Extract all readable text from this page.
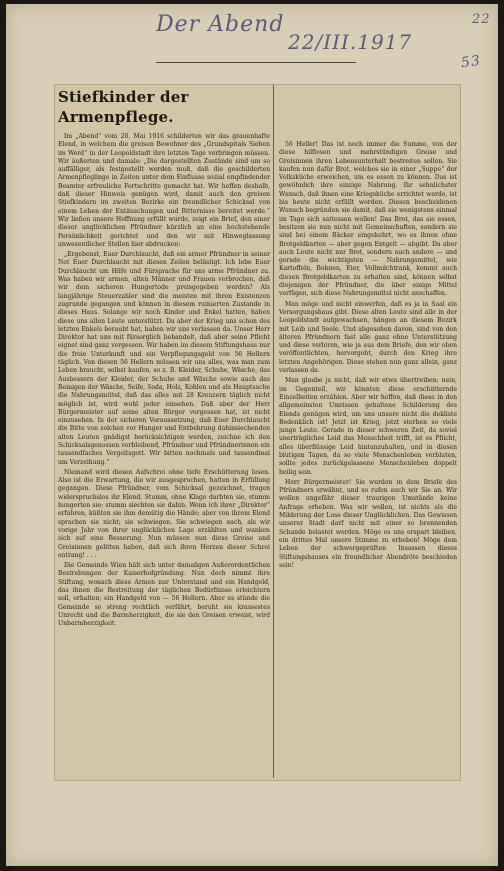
Der Abend
22/III.1917
53
22
Stiefkinder der Armenpflege.

Im „Abend“ vom 20. Mai 1916 schilderten wir das grauenhafte Elend, in welchem die greisen Bewohner des „Grundspitals Sieben im Werd“ in der Leopoldstadt ihre letzten Tage verbringen müssen. Wir äußerten und damals: „Die dargestellten Zustände sind um so auffälliger, als festgestellt werden muß, daß die geschilderten Armenpfleglinge in Zeiten unter dem Einflusse sozial empfindender Beamter erfreuliche Fortschritte gemacht hat. Wir hoffen deshalb, daß dieser Hinweis genügen wird, damit auch den greisen Stiefkindern im zweiten Bezirke ein freundlicher Schicksal von einem Leben der Entäuschungen und Bitternisse bereitet werde.“ Wir ließen unsere Hoffnung erfüllt wurde, zeigt ein Brief, den einer dieser unglücklichen Pfründner kürzlich an eine hochstehende Persönlichkeit gerichtet und den wir mit Hinweglassung unwesentlicher Stellen hier abdrucken:

„Ergebenst, Euer Durchlaucht, daß ein armer Pfründner in seiner Not Euer Durchlaucht mit diesen Zeilen belästigt. Ich lebe Euer Durchlaucht um Hilfe und Fürsprache für uns arme Pfründner zu. Was haben wir armen, alten Männer und Frauen verbrochen, daß wir dem sicheren Hungertode preisgegeben werden? Als langjährige Steuerzahler sind die meisten mit ihren Existenzen zugrunde gegangen und können in diesem ruinierten Zustande in dieses Haus. Solange wir noch Kinder und Enkel hatten, haben diese uns allen Leute unterstützt. Da aber der Krieg uns schon des letzten Enkels beraubt hat, haben wir uns verlassen da. Unser Herr Direktor hat uns mit fürsorglich behandelt, daß aber seine Pflicht eignet sind ganz vergessen. Wir haben im diesem Stiftungshaus nur die freie Unterkunft und ein Verpflegungsgeld von 56 Hellern täglich. Von diesen 56 Hellern müssen wir uns alles, was man zum Leben braucht, selbst kaufen, so z. B. Kleider, Schuhe, Wäsche, das Ausbessern der Kleider, der Schuhe und Wäsche sowie auch das Reinigen der Wäsche, Seife, Soda, Holz, Kohlen und als Hauptsache die Nahrungsmittel, daß das alles mit 28 Kreuzern täglich nicht möglich ist, wird wohl jeder einsehen. Daß aber der Herr Bürgermeister auf seine alten Bürger vergessen hat, ist nicht einzusehen. In der sicheren Voraussetzung, daß Euer Durchlaucht die Bitte von solchen vor Hunger und Entbehrung dahinsiechenden alten Leuten gnädigst berücksichtigen werden, zeichne ich den Schicksalsgenossen verbleibend, Pfründner und Pfründnerinnen ein tausendfaches Vergeltsgott. Wir bitten nochmals und tausendmal um Verzeihung.“

Niemand wird diesen Aufschrei ohne tiefe Erschütterung lesen. Also ist die Erwartung, die wir ausgesprochen, hatten in Erfüllung gegangen. Diese Pfründner, vom Schicksal gezeichnet, tragen widerspruchslos ihr Elend. Stumm, ohne Klage darbten sie, stumm hungerten sie; stumm siechten sie dahin. Wenn ich ihrer „Direktor“ erfahren, küßten sie ihm demütig die Hände; aber von ihrem Elend sprachen sie nicht; sie schwiegen. Sie schwiegen auch, als wir vorige Jahr von ihrer unglücklichen Lage erzählten und wanken sich auf eine Besserung. Nun müssen nun diese Greise und Greisinnen gelitten haben, daß sich ihren Herzen dieser Schrei entrang! . . .

Die Gemeinde Wien hält sich unter damaligen Außerordentlichen Bestrebungen der Kaiserhofgründung. Nun doch nimmt ihre Stiftung, wonach diese Armen nur Unterstand und ein Handgeld, das ihnen die Bestreitung der täglichen Bedürfnisse erleichtern soll, erhalten; ein Handgeld von — 56 Hellern. Aber es stünde die Gemeinde so streng rechtlich verfährt, beruht sie krassestes Unrecht und die Barmherzigkeit, die sie den Greisen erweist, wird Unbarmherzigkeit.

56 Heller! Das ist noch immer die Summe, von der diese hilflosen und mehrstündigen Greise und Greisinnen ihren Lebensunterhalt bestreiten sollen. Sie kaufen nun dafür Brot, welches sie in einer „Suppe“ der Volksküche erweichen, um es essen zu können. Das ist gewöhnlich ihre einzige Nahrung. Ihr sehnlichster Wunsch, daß ihnen eine Kriegsküche errichtet werde, ist bis heute nicht erfüllt worden. Diesen bescheidenen Wunsch begründen sie damit, daß sie wenigstens einmal im Tage sich sattessen wollen! Das Brot, das sie essen, besitzen sie nun nicht mit Gemeinschaften, sondern sie sind bei einem Bäcker eingekehrt, wo es ihnen ohne Brotgeldkarten — aber gegen Entgelt — abgibt. Da aber auch Leute nicht nur Brot, sondern auch andere — und gerade die wichtigsten — Nahrungsmittel, wie Kartoffeln, Bohnen, Eier, Vollmilchtrank, kommt auch diesen Brotgeldkarten zu erhalten sind, können selbst diejenigen der Pfründner, die über einige Mittel verfügen, sich diese Nahrungsmittel nicht anschaffen.

Man möge und nicht einwerfen, daß es ja in Saal ein Versorgungshaus gibt. Diese alten Leute sind alle in der Leopoldstadt aufgewachsen, hängen an diesem Bezirk mit Leib und Seele. Und abgesehen davon, sind von den älteren Pfründnern fast alle ganz ohne Unterstützung und diese verloren, wie ja aus dem Briefe, den wir oben veröffentlichten, hervorgeht, durch den Krieg ihre letzten Angehörigen. Diese stehen nun ganz allein, ganz verlassen da.

Man glaube ja nicht, daß wir etwa übertreiben; nein, im Gegenteil, wir könnten diese erschütternde Einzelheiten erzählen. Aber wir hoffen, daß diese in den allgemeinsten Umrissen gehaltene Schilderung des Elends genügen wird, um uns unsere nicht die dekliste Bedenklich ist! Jetzt ist Krieg, jetzt sterben so viele junge Leute. Gerade in dieser schweren Zeit, da soviel unerträgliches Leid das Menschheit trifft, ist es Pflicht, alles überflüssige Leid hintanzuhalten, und in diesen blutigen Tagen, da so viele Menschenleben verbluten, sollte jedes zurückgelassene Menschenleben doppelt heilig sein.

Herr Bürgermeister! Sie wurden in dem Briefe des Pfründners erwähnt, und so rufen auch wir Sie an. Wir wollen ungefähr dieser traurigen Umstände keine Anfrage erheben. Was wir wollen, ist nichts als die Milderung der Lose dieser Unglücklichen. Das Gewissen unserer Stadt darf nicht mit einer so brennenden Schande belastet werden. Möge es uns erspart bleiben, ein drittes Mal unsere Stimme zu erheben! Möge dem Leben der schwergeprüften Insassen dieses Stiftungshauses ein freundlicher Abendröte beschieden sein!
